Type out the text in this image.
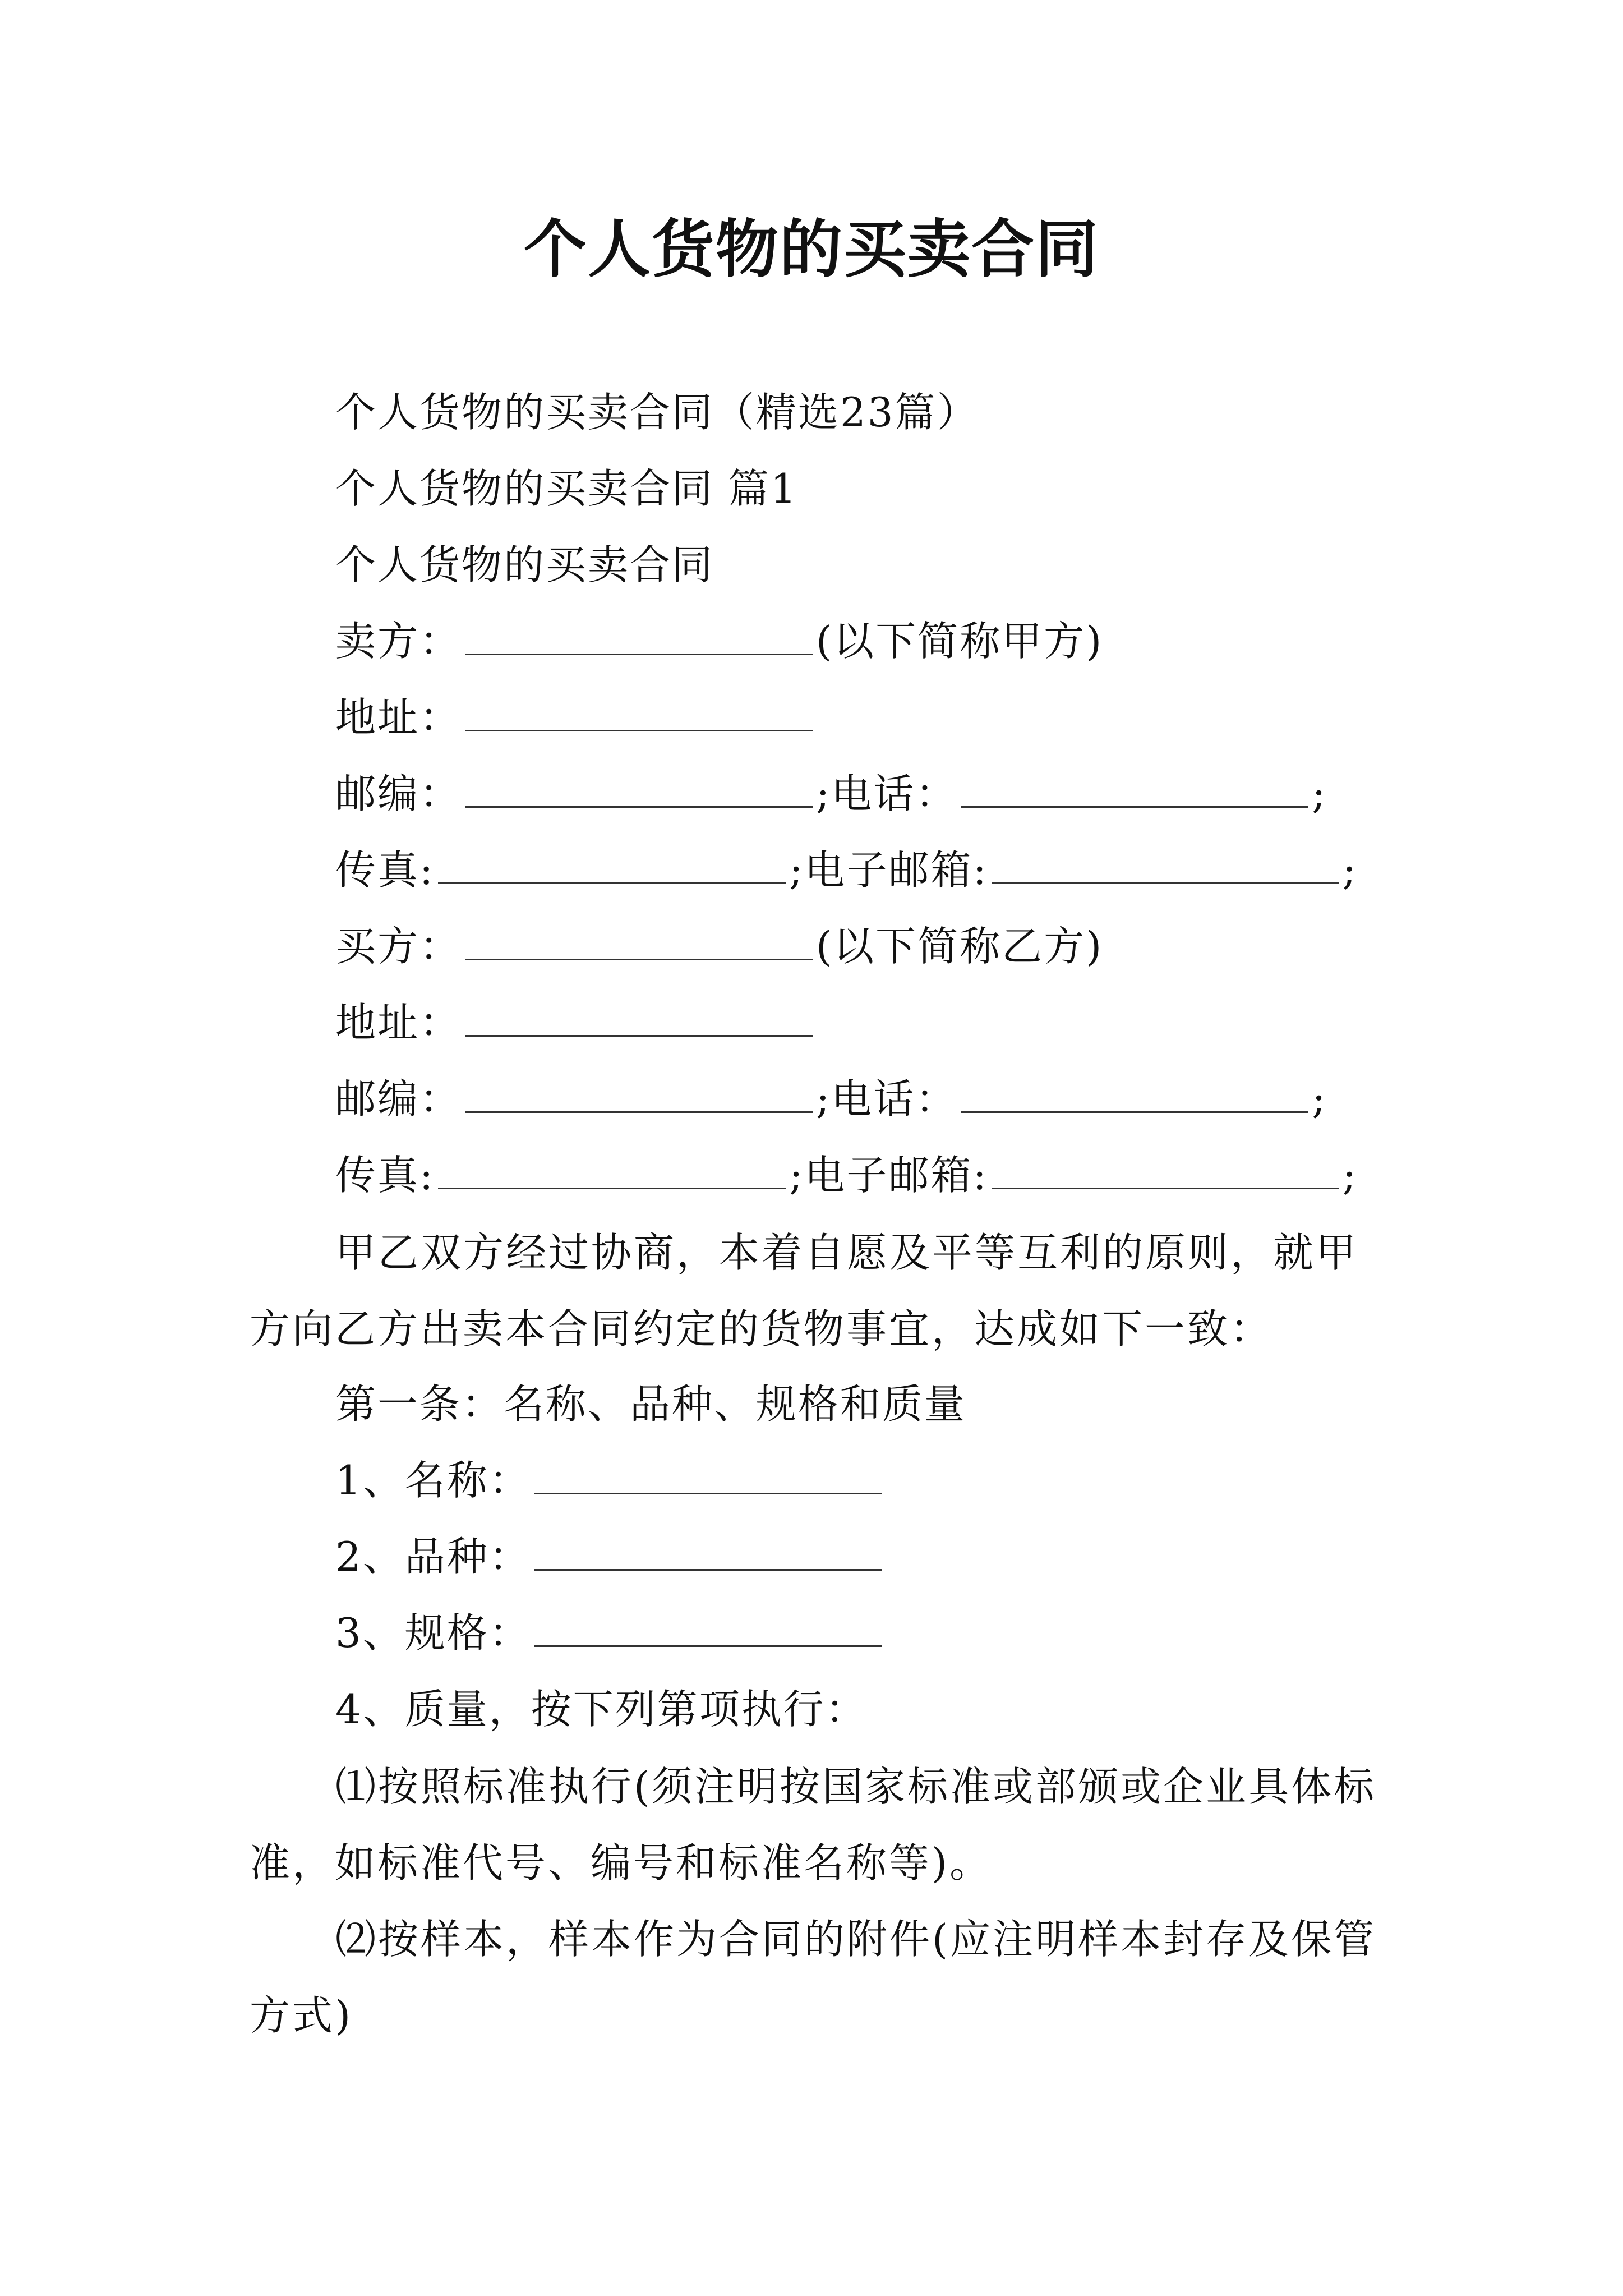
个人货物的买卖合同
个人货物的买卖合同（精选23篇）
个人货物的买卖合同 篇1
个人货物的买卖合同
卖方：	(以下简称甲方)
地址：
邮编：	;电话：	;
传真:	;电子邮箱:	;
买方：	(以下简称乙方)
地址：
邮编：	;电话：	;
传真:	;电子邮箱:	;
甲乙双方经过协商，本着自愿及平等互利的原则，就甲方向乙方出卖本合同约定的货物事宜，达成如下一致：
第一条：名称、品种、规格和质量
1、名称：
2、品种：
3、规格：
4、质量，按下列第项执行：
⑴按照标准执行(须注明按国家标准或部颁或企业具体标准，如标准代号、编号和标准名称等)。
⑵按样本，样本作为合同的附件(应注明样本封存及保管方式)
